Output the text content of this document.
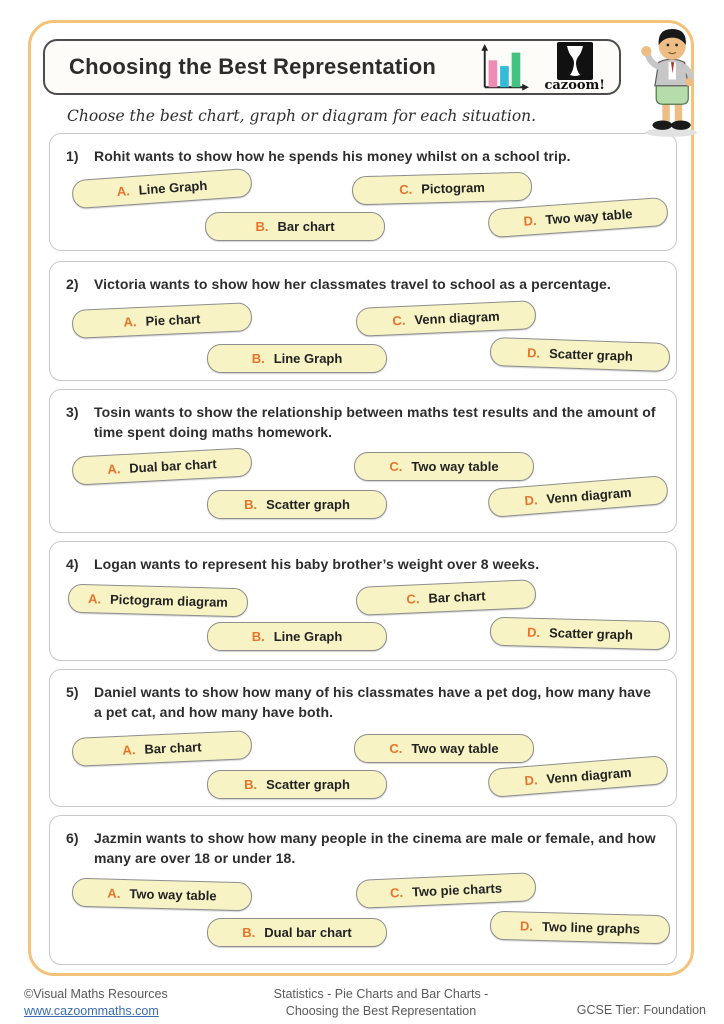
Choosing the Best Representation
cazoom!
Choose the best chart, graph or diagram for each situation.
1)	Rohit wants to show how he spends his money whilst on a school trip.
A. Line Graph
B. Bar chart
C. Pictogram
D. Two way table
2)	Victoria wants to show how her classmates travel to school as a percentage.
A. Pie chart
B. Line Graph
C. Venn diagram
D. Scatter graph
3)	Tosin wants to show the relationship between maths test results and the amount of time spent doing maths homework.
A. Dual bar chart
B. Scatter graph
C. Two way table
D. Venn diagram
4)	Logan wants to represent his baby brother’s weight over 8 weeks.
A. Pictogram diagram
B. Line Graph
C. Bar chart
D. Scatter graph
5)	Daniel wants to show how many of his classmates have a pet dog, how many have a pet cat, and how many have both.
A. Bar chart
B. Scatter graph
C. Two way table
D. Venn diagram
6)	Jazmin wants to show how many people in the cinema are male or female, and how many are over 18 or under 18.
A. Two way table
B. Dual bar chart
C. Two pie charts
D. Two line graphs
©Visual Maths Resources
www.cazoommaths.com
Statistics - Pie Charts and Bar Charts -
Choosing the Best Representation	GCSE Tier: Foundation
